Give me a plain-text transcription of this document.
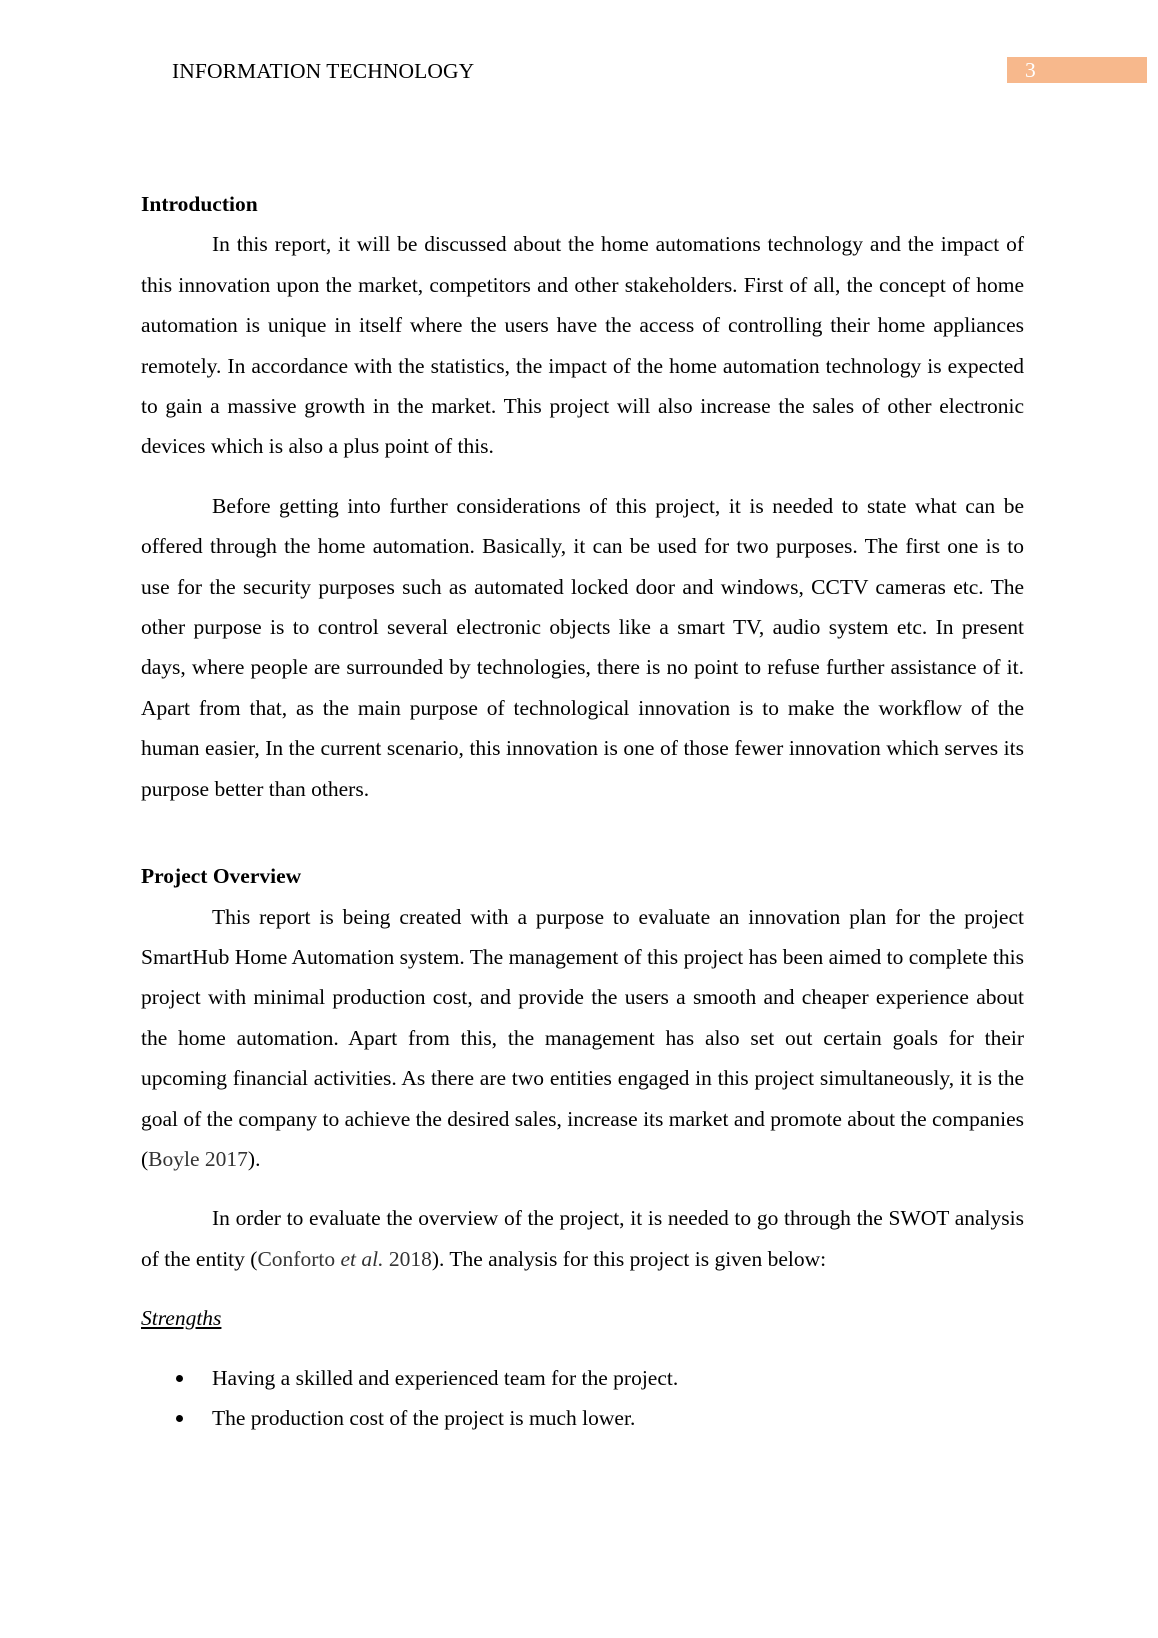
INFORMATION TECHNOLOGY	3

Introduction

In this report, it will be discussed about the home automations technology and the impact of this innovation upon the market, competitors and other stakeholders. First of all, the concept of home automation is unique in itself where the users have the access of controlling their home appliances remotely. In accordance with the statistics, the impact of the home automation technology is expected to gain a massive growth in the market. This project will also increase the sales of other electronic devices which is also a plus point of this.

Before getting into further considerations of this project, it is needed to state what can be offered through the home automation. Basically, it can be used for two purposes. The first one is to use for the security purposes such as automated locked door and windows, CCTV cameras etc. The other purpose is to control several electronic objects like a smart TV, audio system etc. In present days, where people are surrounded by technologies, there is no point to refuse further assistance of it. Apart from that, as the main purpose of technological innovation is to make the workflow of the human easier, In the current scenario, this innovation is one of those fewer innovation which serves its purpose better than others.

Project Overview

This report is being created with a purpose to evaluate an innovation plan for the project SmartHub Home Automation system. The management of this project has been aimed to complete this project with minimal production cost, and provide the users a smooth and cheaper experience about the home automation. Apart from this, the management has also set out certain goals for their upcoming financial activities. As there are two entities engaged in this project simultaneously, it is the goal of the company to achieve the desired sales, increase its market and promote about the companies (Boyle 2017).

In order to evaluate the overview of the project, it is needed to go through the SWOT analysis of the entity (Conforto et al. 2018). The analysis for this project is given below:

Strengths

Having a skilled and experienced team for the project.
The production cost of the project is much lower.
